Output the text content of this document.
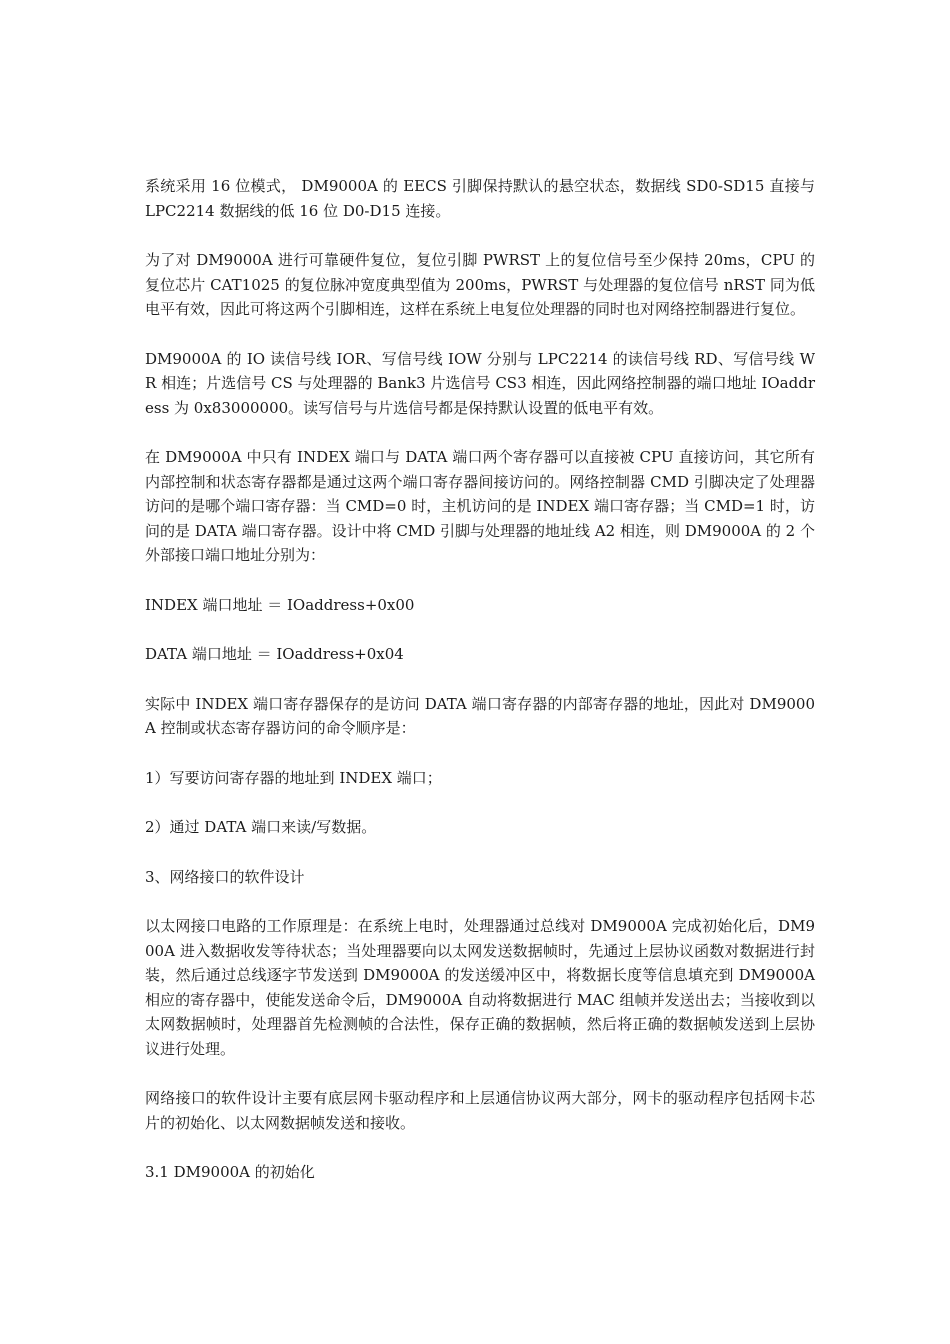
系统采用 16 位模式， DM9000A 的 EECS 引脚保持默认的悬空状态，数据线 SD0-SD15 直接与 LPC2214 数据线的低 16 位 D0-D15 连接。

为了对 DM9000A 进行可靠硬件复位，复位引脚 PWRST 上的复位信号至少保持 20ms，CPU 的复位芯片 CAT1025 的复位脉冲宽度典型值为 200ms，PWRST 与处理器的复位信号 nRST 同为低电平有效，因此可将这两个引脚相连，这样在系统上电复位处理器的同时也对网络控制器进行复位。

DM9000A 的 IO 读信号线 IOR、写信号线 IOW 分别与 LPC2214 的读信号线 RD、写信号线 WR 相连；片选信号 CS 与处理器的 Bank3 片选信号 CS3 相连，因此网络控制器的端口地址 IOaddress 为 0x83000000。读写信号与片选信号都是保持默认设置的低电平有效。

在 DM9000A 中只有 INDEX 端口与 DATA 端口两个寄存器可以直接被 CPU 直接访问，其它所有内部控制和状态寄存器都是通过这两个端口寄存器间接访问的。网络控制器 CMD 引脚决定了处理器访问的是哪个端口寄存器：当 CMD=0 时，主机访问的是 INDEX 端口寄存器；当 CMD=1 时，访问的是 DATA 端口寄存器。设计中将 CMD 引脚与处理器的地址线 A2 相连，则 DM9000A 的 2 个外部接口端口地址分别为：

INDEX 端口地址 ＝ IOaddress+0x00

DATA 端口地址 ＝ IOaddress+0x04

实际中 INDEX 端口寄存器保存的是访问 DATA 端口寄存器的内部寄存器的地址，因此对 DM9000A 控制或状态寄存器访问的命令顺序是：

1）写要访问寄存器的地址到 INDEX 端口；

2）通过 DATA 端口来读/写数据。

3、网络接口的软件设计

以太网接口电路的工作原理是：在系统上电时，处理器通过总线对 DM9000A 完成初始化后，DM900A 进入数据收发等待状态；当处理器要向以太网发送数据帧时，先通过上层协议函数对数据进行封装，然后通过总线逐字节发送到 DM9000A 的发送缓冲区中，将数据长度等信息填充到 DM9000A 相应的寄存器中，使能发送命令后，DM9000A 自动将数据进行 MAC 组帧并发送出去；当接收到以太网数据帧时，处理器首先检测帧的合法性，保存正确的数据帧，然后将正确的数据帧发送到上层协议进行处理。

网络接口的软件设计主要有底层网卡驱动程序和上层通信协议两大部分，网卡的驱动程序包括网卡芯片的初始化、以太网数据帧发送和接收。

3.1 DM9000A 的初始化
